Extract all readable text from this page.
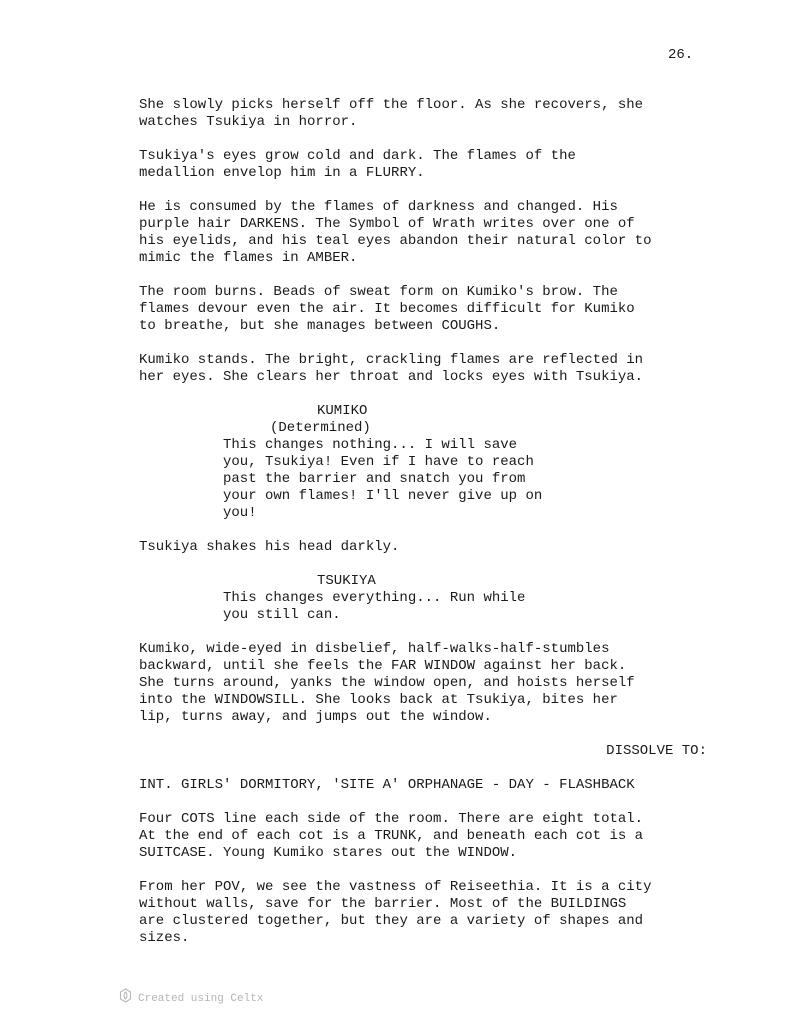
26.
She slowly picks herself off the floor. As she recovers, she
watches Tsukiya in horror.
Tsukiya's eyes grow cold and dark. The flames of the
medallion envelop him in a FLURRY.
He is consumed by the flames of darkness and changed. His
purple hair DARKENS. The Symbol of Wrath writes over one of
his eyelids, and his teal eyes abandon their natural color to
mimic the flames in AMBER.
The room burns. Beads of sweat form on Kumiko's brow. The
flames devour even the air. It becomes difficult for Kumiko
to breathe, but she manages between COUGHS.
Kumiko stands. The bright, crackling flames are reflected in
her eyes. She clears her throat and locks eyes with Tsukiya.
KUMIKO
(Determined)
This changes nothing... I will save
you, Tsukiya! Even if I have to reach
past the barrier and snatch you from
your own flames! I'll never give up on
you!
Tsukiya shakes his head darkly.
TSUKIYA
This changes everything... Run while
you still can.
Kumiko, wide-eyed in disbelief, half-walks-half-stumbles
backward, until she feels the FAR WINDOW against her back.
She turns around, yanks the window open, and hoists herself
into the WINDOWSILL. She looks back at Tsukiya, bites her
lip, turns away, and jumps out the window.
DISSOLVE TO:
INT. GIRLS' DORMITORY, 'SITE A' ORPHANAGE - DAY - FLASHBACK
Four COTS line each side of the room. There are eight total.
At the end of each cot is a TRUNK, and beneath each cot is a
SUITCASE. Young Kumiko stares out the WINDOW.
From her POV, we see the vastness of Reiseethia. It is a city
without walls, save for the barrier. Most of the BUILDINGS
are clustered together, but they are a variety of shapes and
sizes.
Created using Celtx
